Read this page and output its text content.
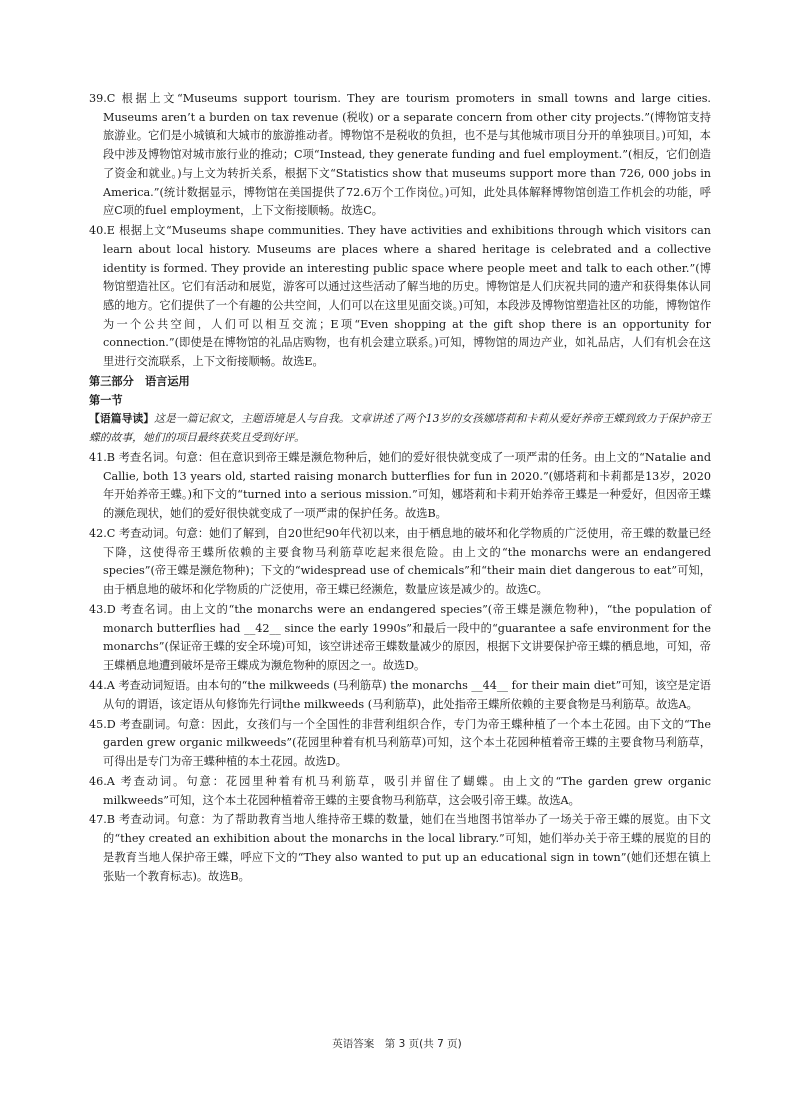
39.C 根据上文“Museums support tourism. They are tourism promoters in small towns and large cities. Museums aren’t a burden on tax revenue (税收) or a separate concern from other city projects.”(博物馆支持旅游业。它们是小城镇和大城市的旅游推动者。博物馆不是税收的负担，也不是与其他城市项目分开的单独项目。)可知，本段中涉及博物馆对城市旅行业的推动；C项“Instead, they generate funding and fuel employment.”(相反，它们创造了资金和就业。)与上文为转折关系，根据下文“Statistics show that museums support more than 726, 000 jobs in America.”(统计数据显示，博物馆在美国提供了72.6万个工作岗位。)可知，此处具体解释博物馆创造工作机会的功能，呼应C项的fuel employment，上下文衔接顺畅。故选C。
40.E 根据上文“Museums shape communities. They have activities and exhibitions through which visitors can learn about local history. Museums are places where a shared heritage is celebrated and a collective identity is formed. They provide an interesting public space where people meet and talk to each other.”(博物馆塑造社区。它们有活动和展览，游客可以通过这些活动了解当地的历史。博物馆是人们庆祝共同的遗产和获得集体认同感的地方。它们提供了一个有趣的公共空间，人们可以在这里见面交谈。)可知，本段涉及博物馆塑造社区的功能，博物馆作为一个公共空间，人们可以相互交流；E项“Even shopping at the gift shop there is an opportunity for connection.”(即使是在博物馆的礼品店购物，也有机会建立联系。)可知，博物馆的周边产业，如礼品店，人们有机会在这里进行交流联系，上下文衔接顺畅。故选E。
第三部分　语言运用
第一节
【语篇导读】这是一篇记叙文，主题语境是人与自我。文章讲述了两个13岁的女孩娜塔莉和卡莉从爱好养帝王蝶到致力于保护帝王蝶的故事，她们的项目最终获奖且受到好评。
41.B 考查名词。句意：但在意识到帝王蝶是濒危物种后，她们的爱好很快就变成了一项严肃的任务。由上文的“Natalie and Callie, both 13 years old, started raising monarch butterflies for fun in 2020.”(娜塔莉和卡莉都是13岁，2020年开始养帝王蝶。)和下文的“turned into a serious mission.”可知，娜塔莉和卡莉开始养帝王蝶是一种爱好，但因帝王蝶的濒危现状，她们的爱好很快就变成了一项严肃的保护任务。故选B。
42.C 考查动词。句意：她们了解到，自20世纪90年代初以来，由于栖息地的破坏和化学物质的广泛使用，帝王蝶的数量已经下降，这使得帝王蝶所依赖的主要食物马利筋草吃起来很危险。由上文的“the monarchs were an endangered species”(帝王蝶是濒危物种)；下文的“widespread use of chemicals”和“their main diet dangerous to eat”可知，由于栖息地的破坏和化学物质的广泛使用，帝王蝶已经濒危，数量应该是减少的。故选C。
43.D 考查名词。由上文的“the monarchs were an endangered species”(帝王蝶是濒危物种)，“the population of monarch butterflies had __42__ since the early 1990s”和最后一段中的“guarantee a safe environment for the monarchs”(保证帝王蝶的安全环境)可知，该空讲述帝王蝶数量减少的原因，根据下文讲要保护帝王蝶的栖息地，可知，帝王蝶栖息地遭到破坏是帝王蝶成为濒危物种的原因之一。故选D。
44.A 考查动词短语。由本句的“the milkweeds (马利筋草) the monarchs __44__ for their main diet”可知，该空是定语从句的谓语，该定语从句修饰先行词the milkweeds (马利筋草)，此处指帝王蝶所依赖的主要食物是马利筋草。故选A。
45.D 考查副词。句意：因此，女孩们与一个全国性的非营利组织合作，专门为帝王蝶种植了一个本土花园。由下文的“The garden grew organic milkweeds”(花园里种着有机马利筋草)可知，这个本土花园种植着帝王蝶的主要食物马利筋草，可得出是专门为帝王蝶种植的本土花园。故选D。
46.A 考查动词。句意：花园里种着有机马利筋草，吸引并留住了蝴蝶。由上文的“The garden grew organic milkweeds”可知，这个本土花园种植着帝王蝶的主要食物马利筋草，这会吸引帝王蝶。故选A。
47.B 考查动词。句意：为了帮助教育当地人维持帝王蝶的数量，她们在当地图书馆举办了一场关于帝王蝶的展览。由下文的“they created an exhibition about the monarchs in the local library.”可知，她们举办关于帝王蝶的展览的目的是教育当地人保护帝王蝶，呼应下文的“They also wanted to put up an educational sign in town”(她们还想在镇上张贴一个教育标志)。故选B。
英语答案　第 3 页(共 7 页)
